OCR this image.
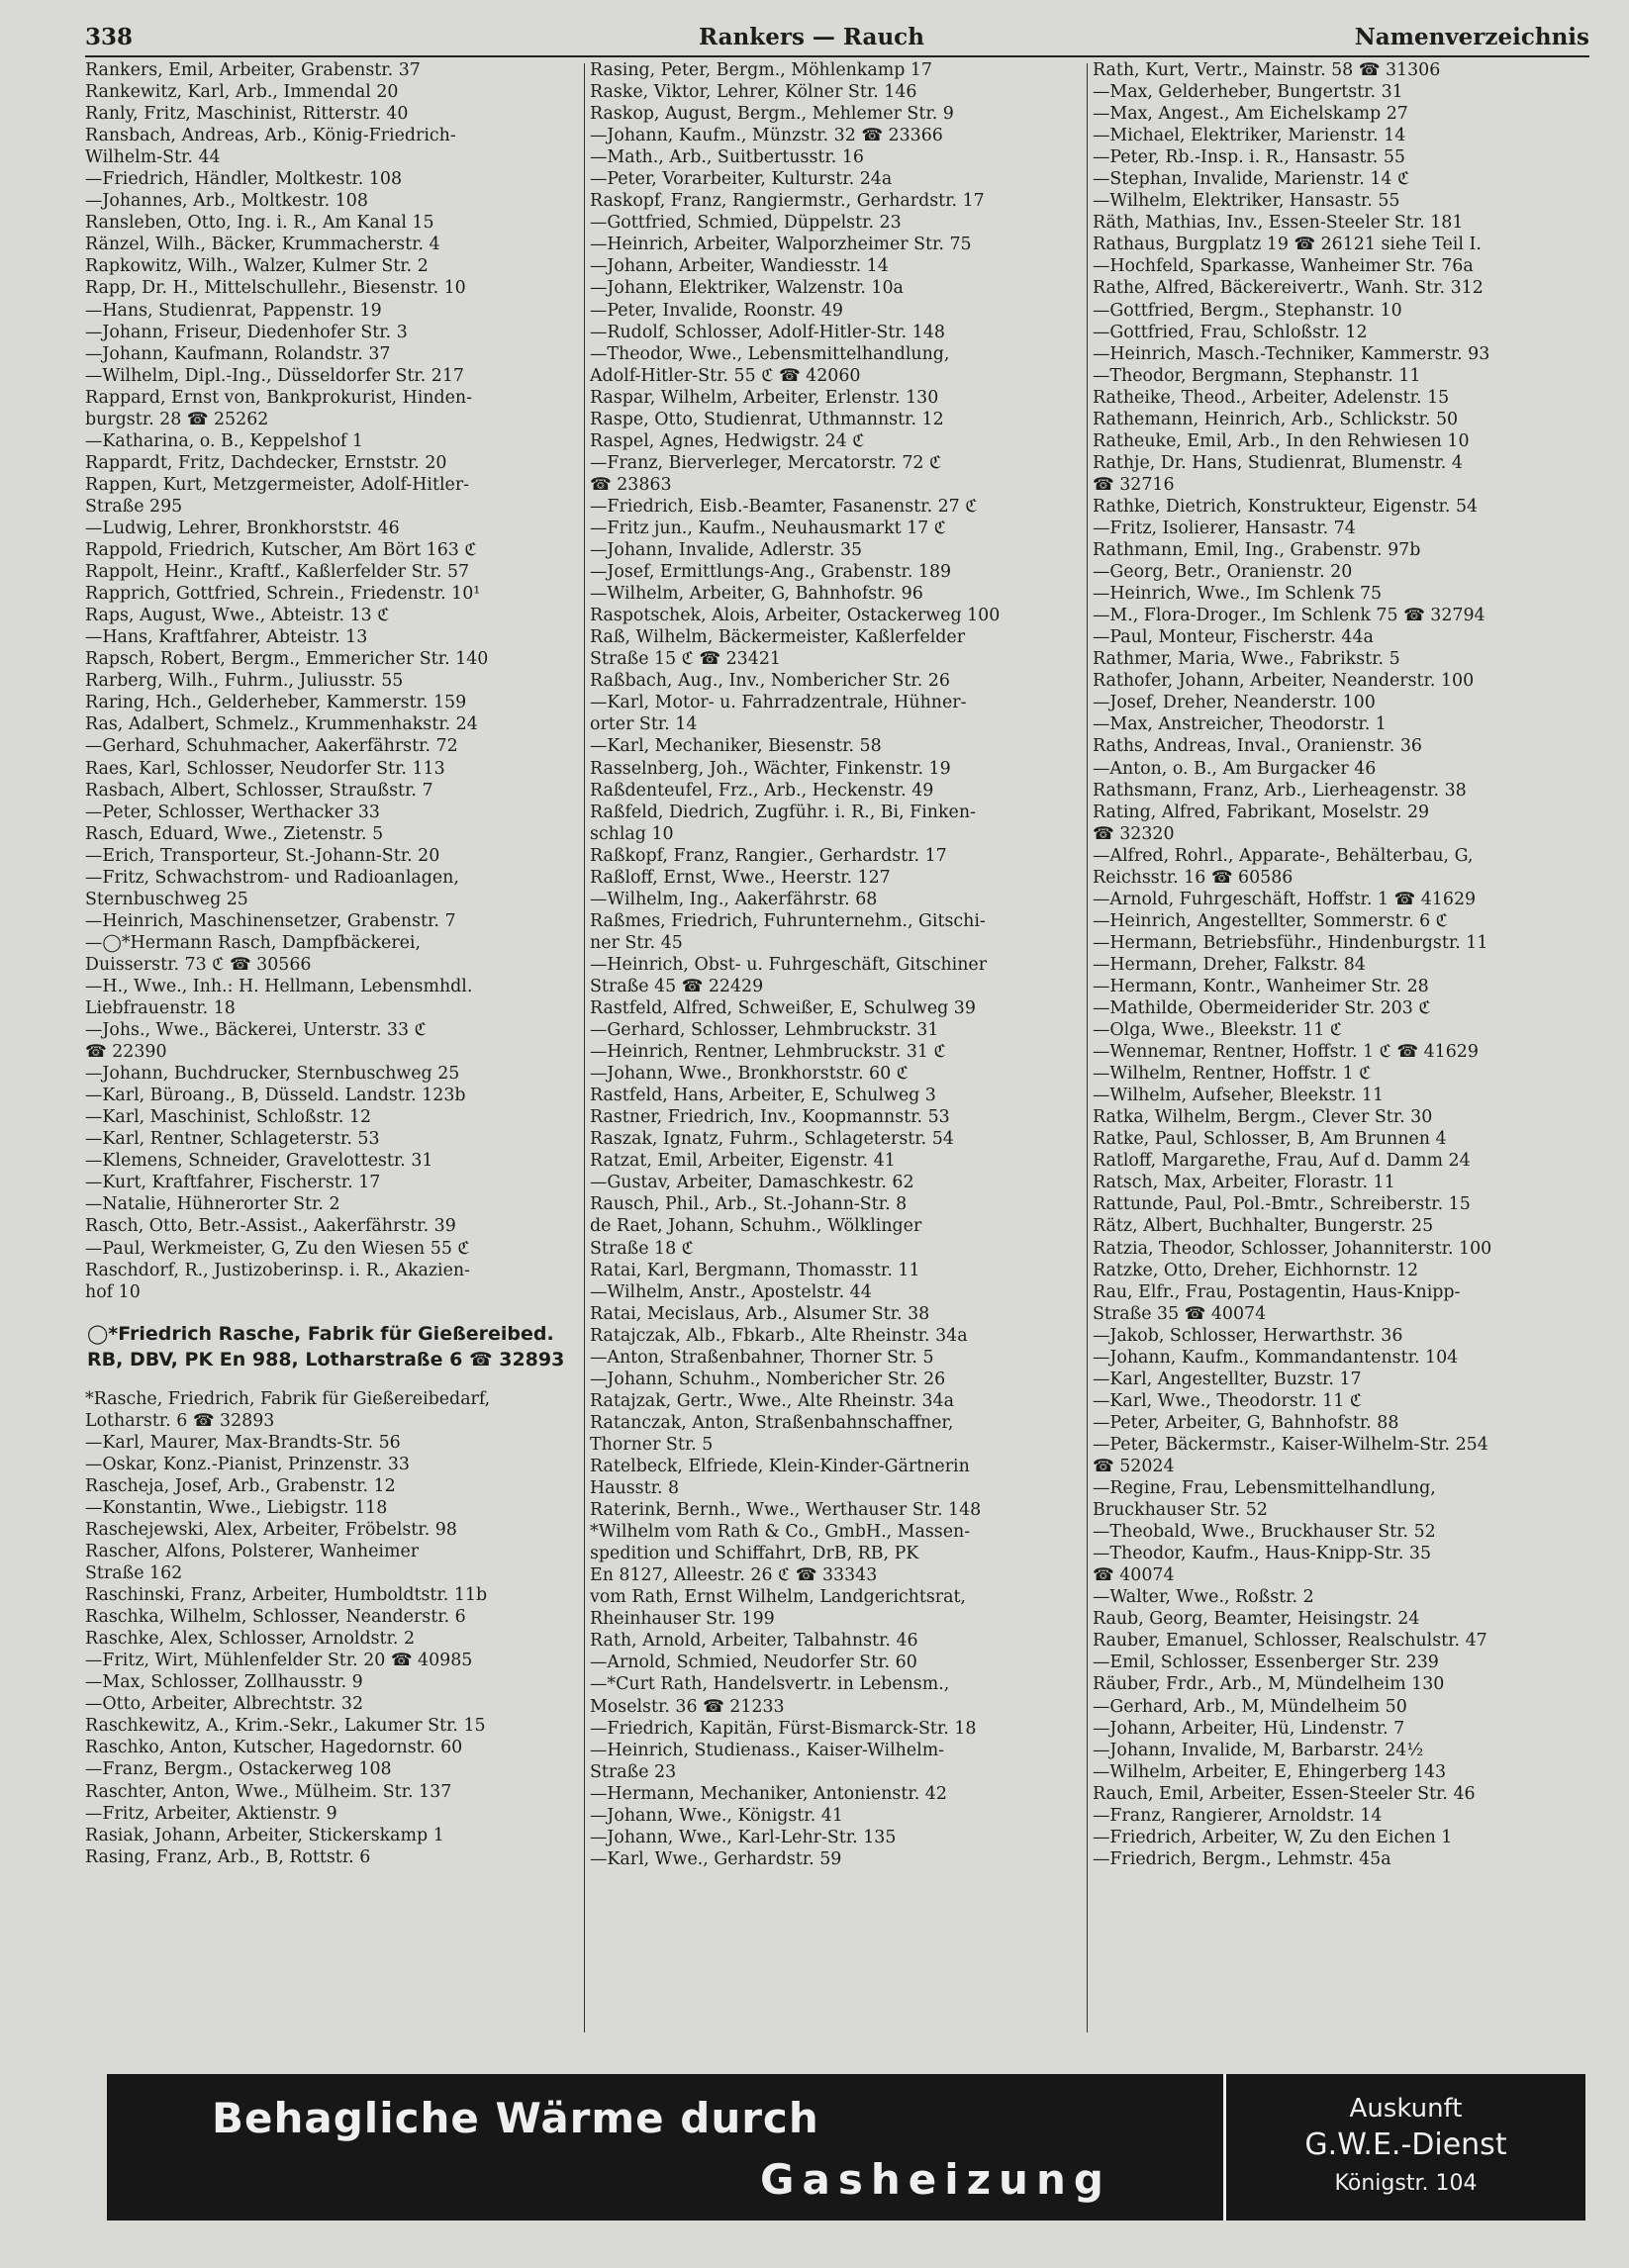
338	Rankers — Rauch	Namenverzeichnis
Rankers, Emil, Arbeiter, Grabenstr. 37
Rankewitz, Karl, Arb., Immendal 20
Ranly, Fritz, Maschinist, Ritterstr. 40
Ransbach, Andreas, Arb., König-Friedrich-
Wilhelm-Str. 44
—Friedrich, Händler, Moltkestr. 108
—Johannes, Arb., Moltkestr. 108
Ransleben, Otto, Ing. i. R., Am Kanal 15
Ränzel, Wilh., Bäcker, Krummacherstr. 4
Rapkowitz, Wilh., Walzer, Kulmer Str. 2
Rapp, Dr. H., Mittelschullehr., Biesenstr. 10
—Hans, Studienrat, Pappenstr. 19
—Johann, Friseur, Diedenhofer Str. 3
—Johann, Kaufmann, Rolandstr. 37
—Wilhelm, Dipl.-Ing., Düsseldorfer Str. 217
Rappard, Ernst von, Bankprokurist, Hinden-
burgstr. 28 ☎ 25262
—Katharina, o. B., Keppelshof 1
Rappardt, Fritz, Dachdecker, Ernststr. 20
Rappen, Kurt, Metzgermeister, Adolf-Hitler-
Straße 295
—Ludwig, Lehrer, Bronkhorststr. 46
Rappold, Friedrich, Kutscher, Am Bört 163 ℭ
Rappolt, Heinr., Kraftf., Kaßlerfelder Str. 57
Rapprich, Gottfried, Schrein., Friedenstr. 10¹
Raps, August, Wwe., Abteistr. 13 ℭ
—Hans, Kraftfahrer, Abteistr. 13
Rapsch, Robert, Bergm., Emmericher Str. 140
Rarberg, Wilh., Fuhrm., Juliusstr. 55
Raring, Hch., Gelderheber, Kammerstr. 159
Ras, Adalbert, Schmelz., Krummenhakstr. 24
—Gerhard, Schuhmacher, Aakerfährstr. 72
Raes, Karl, Schlosser, Neudorfer Str. 113
Rasbach, Albert, Schlosser, Straußstr. 7
—Peter, Schlosser, Werthacker 33
Rasch, Eduard, Wwe., Zietenstr. 5
—Erich, Transporteur, St.-Johann-Str. 20
—Fritz, Schwachstrom- und Radioanlagen,
Sternbuschweg 25
—Heinrich, Maschinensetzer, Grabenstr. 7
—◯*Hermann Rasch, Dampfbäckerei,
Duisserstr. 73 ℭ ☎ 30566
—H., Wwe., Inh.: H. Hellmann, Lebensmhdl.
Liebfrauenstr. 18
—Johs., Wwe., Bäckerei, Unterstr. 33 ℭ
☎ 22390
—Johann, Buchdrucker, Sternbuschweg 25
—Karl, Büroang., B, Düsseld. Landstr. 123b
—Karl, Maschinist, Schloßstr. 12
—Karl, Rentner, Schlageterstr. 53
—Klemens, Schneider, Gravelottestr. 31
—Kurt, Kraftfahrer, Fischerstr. 17
—Natalie, Hühnerorter Str. 2
Rasch, Otto, Betr.-Assist., Aakerfährstr. 39
—Paul, Werkmeister, G, Zu den Wiesen 55 ℭ
Raschdorf, R., Justizoberinsp. i. R., Akazien-
hof 10
◯*Friedrich Rasche, Fabrik für Gießereibed.
RB, DBV, PK En 988, Lotharstraße 6 ☎ 32893
*Rasche, Friedrich, Fabrik für Gießereibedarf,
Lotharstr. 6 ☎ 32893
—Karl, Maurer, Max-Brandts-Str. 56
—Oskar, Konz.-Pianist, Prinzenstr. 33
Rascheja, Josef, Arb., Grabenstr. 12
—Konstantin, Wwe., Liebigstr. 118
Raschejewski, Alex, Arbeiter, Fröbelstr. 98
Rascher, Alfons, Polsterer, Wanheimer
Straße 162
Raschinski, Franz, Arbeiter, Humboldtstr. 11b
Raschka, Wilhelm, Schlosser, Neanderstr. 6
Raschke, Alex, Schlosser, Arnoldstr. 2
—Fritz, Wirt, Mühlenfelder Str. 20 ☎ 40985
—Max, Schlosser, Zollhausstr. 9
—Otto, Arbeiter, Albrechtstr. 32
Raschkewitz, A., Krim.-Sekr., Lakumer Str. 15
Raschko, Anton, Kutscher, Hagedornstr. 60
—Franz, Bergm., Ostackerweg 108
Raschter, Anton, Wwe., Mülheim. Str. 137
—Fritz, Arbeiter, Aktienstr. 9
Rasiak, Johann, Arbeiter, Stickerskamp 1
Rasing, Franz, Arb., B, Rottstr. 6
Rasing, Peter, Bergm., Möhlenkamp 17
Raske, Viktor, Lehrer, Kölner Str. 146
Raskop, August, Bergm., Mehlemer Str. 9
—Johann, Kaufm., Münzstr. 32 ☎ 23366
—Math., Arb., Suitbertusstr. 16
—Peter, Vorarbeiter, Kulturstr. 24a
Raskopf, Franz, Rangiermstr., Gerhardstr. 17
—Gottfried, Schmied, Düppelstr. 23
—Heinrich, Arbeiter, Walporzheimer Str. 75
—Johann, Arbeiter, Wandiesstr. 14
—Johann, Elektriker, Walzenstr. 10a
—Peter, Invalide, Roonstr. 49
—Rudolf, Schlosser, Adolf-Hitler-Str. 148
—Theodor, Wwe., Lebensmittelhandlung,
Adolf-Hitler-Str. 55 ℭ ☎ 42060
Raspar, Wilhelm, Arbeiter, Erlenstr. 130
Raspe, Otto, Studienrat, Uthmannstr. 12
Raspel, Agnes, Hedwigstr. 24 ℭ
—Franz, Bierverleger, Mercatorstr. 72 ℭ
☎ 23863
—Friedrich, Eisb.-Beamter, Fasanenstr. 27 ℭ
—Fritz jun., Kaufm., Neuhausmarkt 17 ℭ
—Johann, Invalide, Adlerstr. 35
—Josef, Ermittlungs-Ang., Grabenstr. 189
—Wilhelm, Arbeiter, G, Bahnhofstr. 96
Raspotschek, Alois, Arbeiter, Ostackerweg 100
Raß, Wilhelm, Bäckermeister, Kaßlerfelder
Straße 15 ℭ ☎ 23421
Raßbach, Aug., Inv., Nombericher Str. 26
—Karl, Motor- u. Fahrradzentrale, Hühner-
orter Str. 14
—Karl, Mechaniker, Biesenstr. 58
Rasselnberg, Joh., Wächter, Finkenstr. 19
Raßdenteufel, Frz., Arb., Heckenstr. 49
Raßfeld, Diedrich, Zugführ. i. R., Bi, Finken-
schlag 10
Raßkopf, Franz, Rangier., Gerhardstr. 17
Raßloff, Ernst, Wwe., Heerstr. 127
—Wilhelm, Ing., Aakerfährstr. 68
Raßmes, Friedrich, Fuhrunternehm., Gitschi-
ner Str. 45
—Heinrich, Obst- u. Fuhrgeschäft, Gitschiner
Straße 45 ☎ 22429
Rastfeld, Alfred, Schweißer, E, Schulweg 39
—Gerhard, Schlosser, Lehmbruckstr. 31
—Heinrich, Rentner, Lehmbruckstr. 31 ℭ
—Johann, Wwe., Bronkhorststr. 60 ℭ
Rastfeld, Hans, Arbeiter, E, Schulweg 3
Rastner, Friedrich, Inv., Koopmannstr. 53
Raszak, Ignatz, Fuhrm., Schlageterstr. 54
Ratzat, Emil, Arbeiter, Eigenstr. 41
—Gustav, Arbeiter, Damaschkestr. 62
Rausch, Phil., Arb., St.-Johann-Str. 8
de Raet, Johann, Schuhm., Wölklinger
Straße 18 ℭ
Ratai, Karl, Bergmann, Thomasstr. 11
—Wilhelm, Anstr., Apostelstr. 44
Ratai, Mecislaus, Arb., Alsumer Str. 38
Ratajczak, Alb., Fbkarb., Alte Rheinstr. 34a
—Anton, Straßenbahner, Thorner Str. 5
—Johann, Schuhm., Nombericher Str. 26
Ratajzak, Gertr., Wwe., Alte Rheinstr. 34a
Ratanczak, Anton, Straßenbahnschaffner,
Thorner Str. 5
Ratelbeck, Elfriede, Klein-Kinder-Gärtnerin
Hausstr. 8
Raterink, Bernh., Wwe., Werthauser Str. 148
*Wilhelm vom Rath & Co., GmbH., Massen-
spedition und Schiffahrt, DrB, RB, PK
En 8127, Alleestr. 26 ℭ ☎ 33343
vom Rath, Ernst Wilhelm, Landgerichtsrat,
Rheinhauser Str. 199
Rath, Arnold, Arbeiter, Talbahnstr. 46
—Arnold, Schmied, Neudorfer Str. 60
—*Curt Rath, Handelsvertr. in Lebensm.,
Moselstr. 36 ☎ 21233
—Friedrich, Kapitän, Fürst-Bismarck-Str. 18
—Heinrich, Studienass., Kaiser-Wilhelm-
Straße 23
—Hermann, Mechaniker, Antonienstr. 42
—Johann, Wwe., Königstr. 41
—Johann, Wwe., Karl-Lehr-Str. 135
—Karl, Wwe., Gerhardstr. 59
Rath, Kurt, Vertr., Mainstr. 58 ☎ 31306
—Max, Gelderheber, Bungertstr. 31
—Max, Angest., Am Eichelskamp 27
—Michael, Elektriker, Marienstr. 14
—Peter, Rb.-Insp. i. R., Hansastr. 55
—Stephan, Invalide, Marienstr. 14 ℭ
—Wilhelm, Elektriker, Hansastr. 55
Räth, Mathias, Inv., Essen-Steeler Str. 181
Rathaus, Burgplatz 19 ☎ 26121 siehe Teil I.
—Hochfeld, Sparkasse, Wanheimer Str. 76a
Rathe, Alfred, Bäckereivertr., Wanh. Str. 312
—Gottfried, Bergm., Stephanstr. 10
—Gottfried, Frau, Schloßstr. 12
—Heinrich, Masch.-Techniker, Kammerstr. 93
—Theodor, Bergmann, Stephanstr. 11
Ratheike, Theod., Arbeiter, Adelenstr. 15
Rathemann, Heinrich, Arb., Schlickstr. 50
Ratheuke, Emil, Arb., In den Rehwiesen 10
Rathje, Dr. Hans, Studienrat, Blumenstr. 4
☎ 32716
Rathke, Dietrich, Konstrukteur, Eigenstr. 54
—Fritz, Isolierer, Hansastr. 74
Rathmann, Emil, Ing., Grabenstr. 97b
—Georg, Betr., Oranienstr. 20
—Heinrich, Wwe., Im Schlenk 75
—M., Flora-Droger., Im Schlenk 75 ☎ 32794
—Paul, Monteur, Fischerstr. 44a
Rathmer, Maria, Wwe., Fabrikstr. 5
Rathofer, Johann, Arbeiter, Neanderstr. 100
—Josef, Dreher, Neanderstr. 100
—Max, Anstreicher, Theodorstr. 1
Raths, Andreas, Inval., Oranienstr. 36
—Anton, o. B., Am Burgacker 46
Rathsmann, Franz, Arb., Lierheagenstr. 38
Rating, Alfred, Fabrikant, Moselstr. 29
☎ 32320
—Alfred, Rohrl., Apparate-, Behälterbau, G,
Reichsstr. 16 ☎ 60586
—Arnold, Fuhrgeschäft, Hoffstr. 1 ☎ 41629
—Heinrich, Angestellter, Sommerstr. 6 ℭ
—Hermann, Betriebsführ., Hindenburgstr. 11
—Hermann, Dreher, Falkstr. 84
—Hermann, Kontr., Wanheimer Str. 28
—Mathilde, Obermeiderider Str. 203 ℭ
—Olga, Wwe., Bleekstr. 11 ℭ
—Wennemar, Rentner, Hoffstr. 1 ℭ ☎ 41629
—Wilhelm, Rentner, Hoffstr. 1 ℭ
—Wilhelm, Aufseher, Bleekstr. 11
Ratka, Wilhelm, Bergm., Clever Str. 30
Ratke, Paul, Schlosser, B, Am Brunnen 4
Ratloff, Margarethe, Frau, Auf d. Damm 24
Ratsch, Max, Arbeiter, Florastr. 11
Rattunde, Paul, Pol.-Bmtr., Schreiberstr. 15
Rätz, Albert, Buchhalter, Bungerstr. 25
Ratzia, Theodor, Schlosser, Johanniterstr. 100
Ratzke, Otto, Dreher, Eichhornstr. 12
Rau, Elfr., Frau, Postagentin, Haus-Knipp-
Straße 35 ☎ 40074
—Jakob, Schlosser, Herwarthstr. 36
—Johann, Kaufm., Kommandantenstr. 104
—Karl, Angestellter, Buzstr. 17
—Karl, Wwe., Theodorstr. 11 ℭ
—Peter, Arbeiter, G, Bahnhofstr. 88
—Peter, Bäckermstr., Kaiser-Wilhelm-Str. 254
☎ 52024
—Regine, Frau, Lebensmittelhandlung,
Bruckhauser Str. 52
—Theobald, Wwe., Bruckhauser Str. 52
—Theodor, Kaufm., Haus-Knipp-Str. 35
☎ 40074
—Walter, Wwe., Roßstr. 2
Raub, Georg, Beamter, Heisingstr. 24
Rauber, Emanuel, Schlosser, Realschulstr. 47
—Emil, Schlosser, Essenberger Str. 239
Räuber, Frdr., Arb., M, Mündelheim 130
—Gerhard, Arb., M, Mündelheim 50
—Johann, Arbeiter, Hü, Lindenstr. 7
—Johann, Invalide, M, Barbarstr. 24½
—Wilhelm, Arbeiter, E, Ehingerberg 143
Rauch, Emil, Arbeiter, Essen-Steeler Str. 46
—Franz, Rangierer, Arnoldstr. 14
—Friedrich, Arbeiter, W, Zu den Eichen 1
—Friedrich, Bergm., Lehmstr. 45a
Behagliche Wärme durch
Gasheizung
Auskunft
G.W.E.-Dienst
Königstr. 104
